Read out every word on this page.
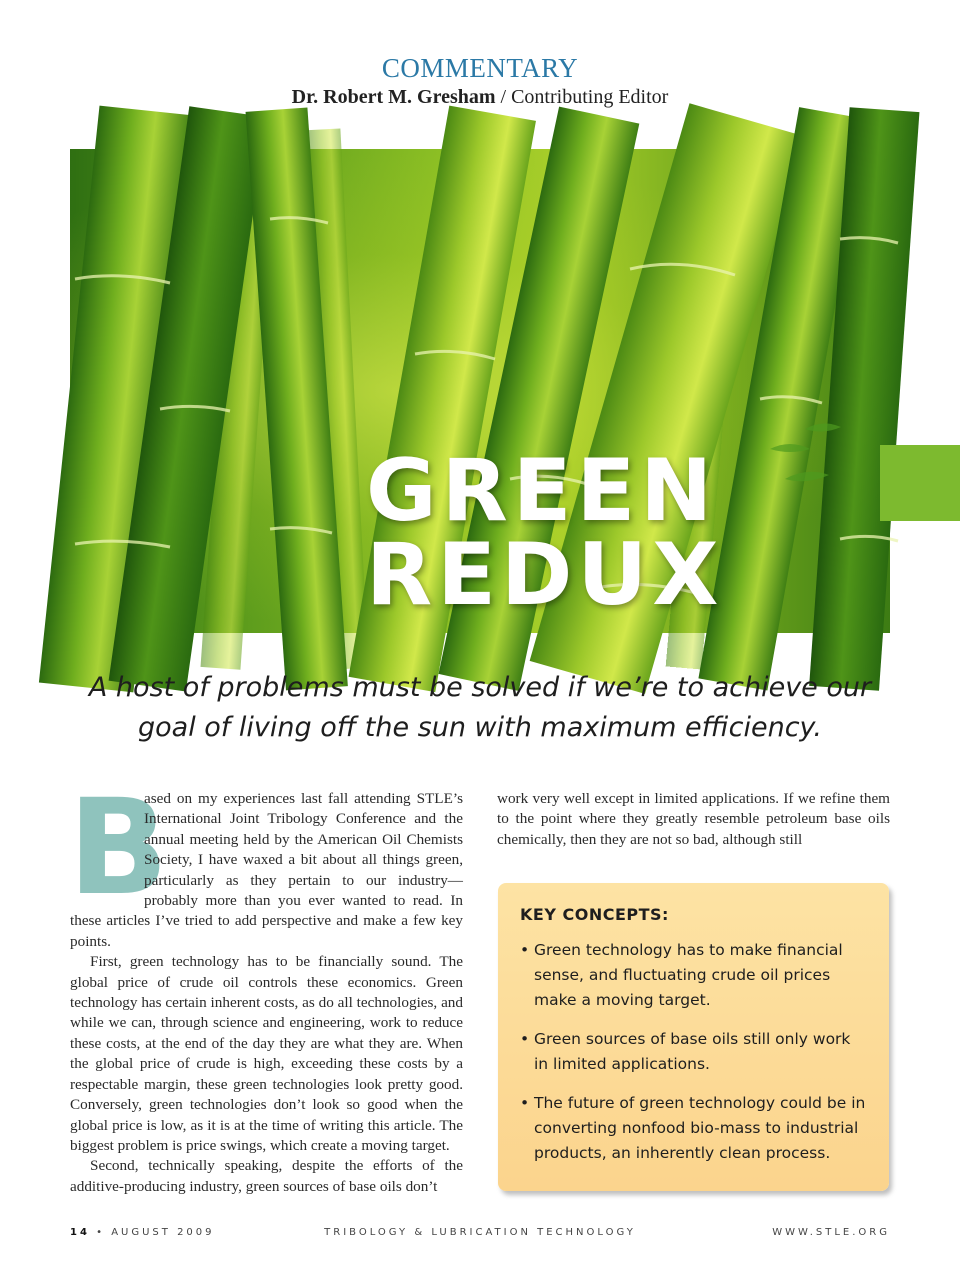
COMMENTARY
Dr. Robert M. Gresham / Contributing Editor
GREEN
REDUX
A host of problems must be solved if we’re to achieve our
goal of living off the sun with maximum efficiency.
B

ased on my experiences last fall attending STLE’s International Joint Tribology Conference and the annual meeting held by the American Oil Chemists Society, I have waxed a bit about all things green, particularly as they pertain to our industry—probably more than you ever wanted to read. In these articles I’ve tried to add perspective and make a few key points.

First, green technology has to be financially sound. The global price of crude oil controls these economics. Green technology has certain inherent costs, as do all technologies, and while we can, through science and engineering, work to reduce these costs, at the end of the day they are what they are. When the global price of crude is high, exceeding these costs by a respectable margin, these green technologies look pretty good. Conversely, green technologies don’t look so good when the global price is low, as it is at the time of writing this article. The biggest problem is price swings, which create a moving target.

Second, technically speaking, despite the efforts of the additive-producing industry, green sources of base oils don’t

work very well except in limited applications. If we refine them to the point where they greatly resemble petroleum base oils chemically, then they are not so bad, although still

KEY CONCEPTS:
• Green technology has to make financial sense, and fluctuating crude oil prices make a moving target.
• Green sources of base oils still only work in limited applications.
• The future of green technology could be in converting nonfood bio-mass to industrial products, an inherently clean process.
14 • AUGUST 2009	TRIBOLOGY & LUBRICATION TECHNOLOGY	WWW.STLE.ORG
